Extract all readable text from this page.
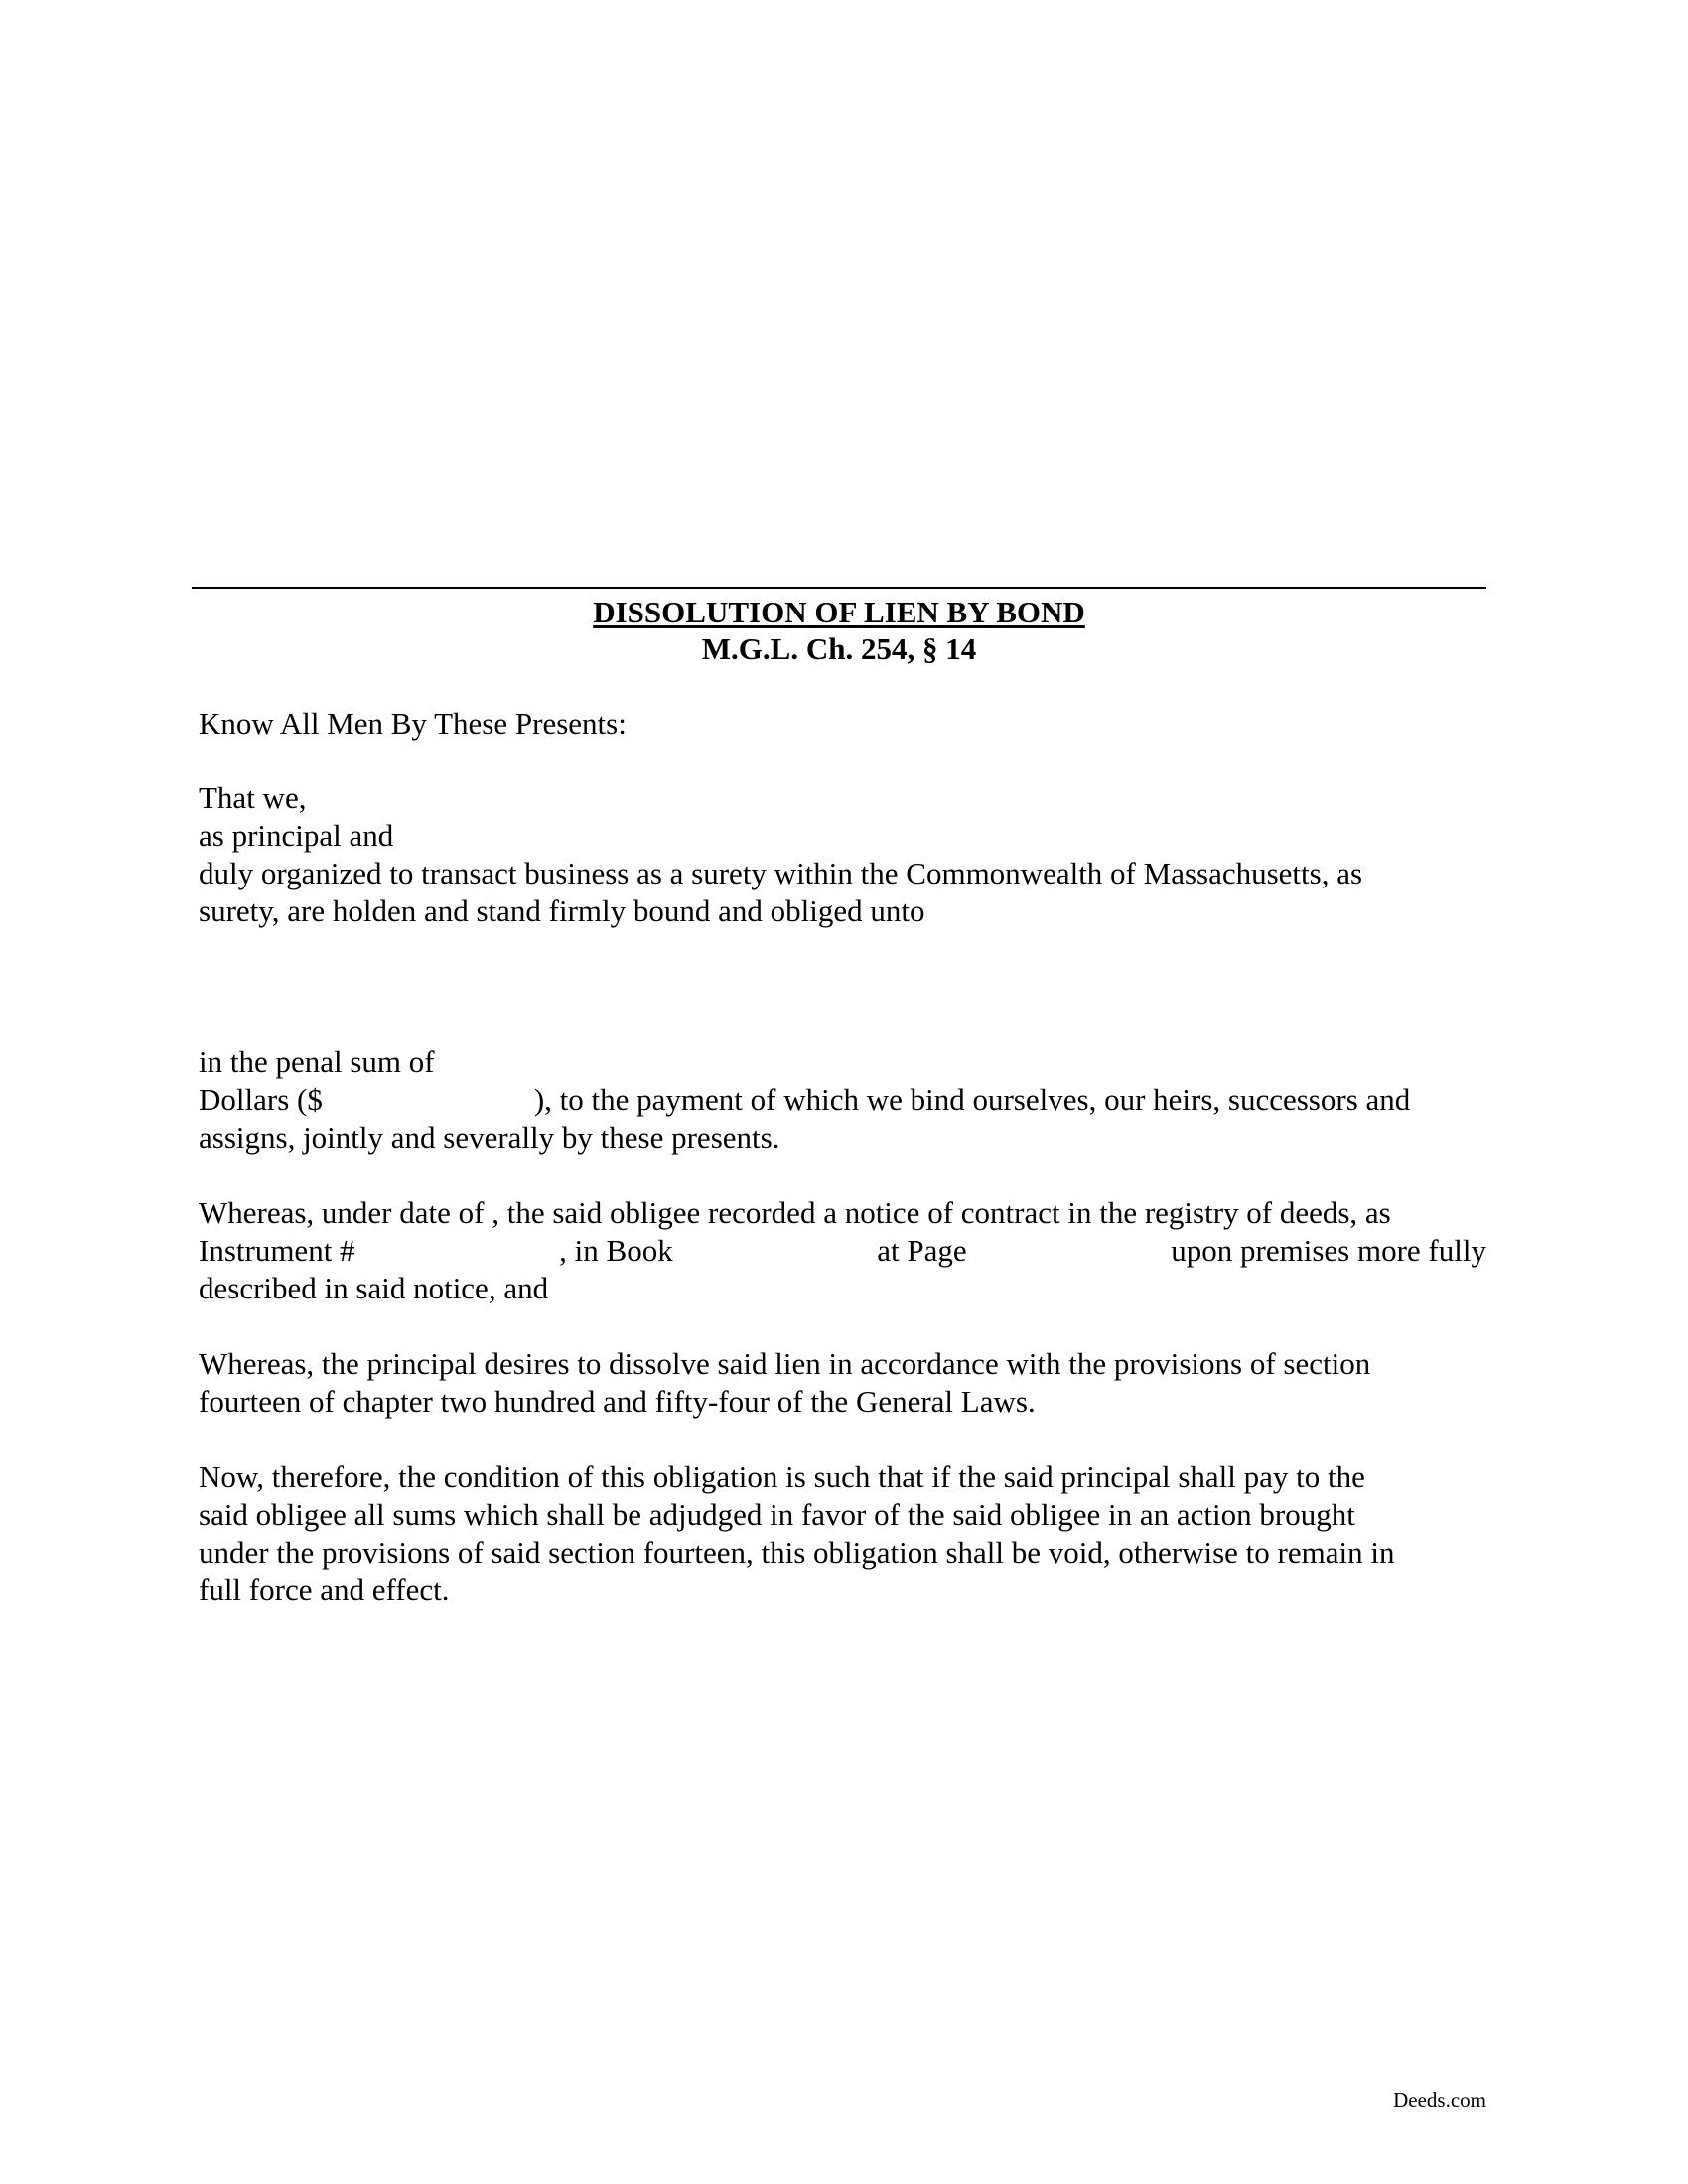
DISSOLUTION OF LIEN BY BOND
M.G.L. Ch. 254, § 14
Know All Men By These Presents:
That we,
as principal and
duly organized to transact business as a surety within the Commonwealth of Massachusetts, as
surety, are holden and stand firmly bound and obliged unto
in the penal sum of
Dollars ($	), to the payment of which we bind ourselves, our heirs, successors and
assigns, jointly and severally by these presents.
Whereas, under date of , the said obligee recorded a notice of contract in the registry of deeds, as
Instrument #	, in Book	at Page	upon premises more fully
described in said notice, and
Whereas, the principal desires to dissolve said lien in accordance with the provisions of section
fourteen of chapter two hundred and fifty-four of the General Laws.
Now, therefore, the condition of this obligation is such that if the said principal shall pay to the
said obligee all sums which shall be adjudged in favor of the said obligee in an action brought
under the provisions of said section fourteen, this obligation shall be void, otherwise to remain in
full force and effect.
Deeds.com
